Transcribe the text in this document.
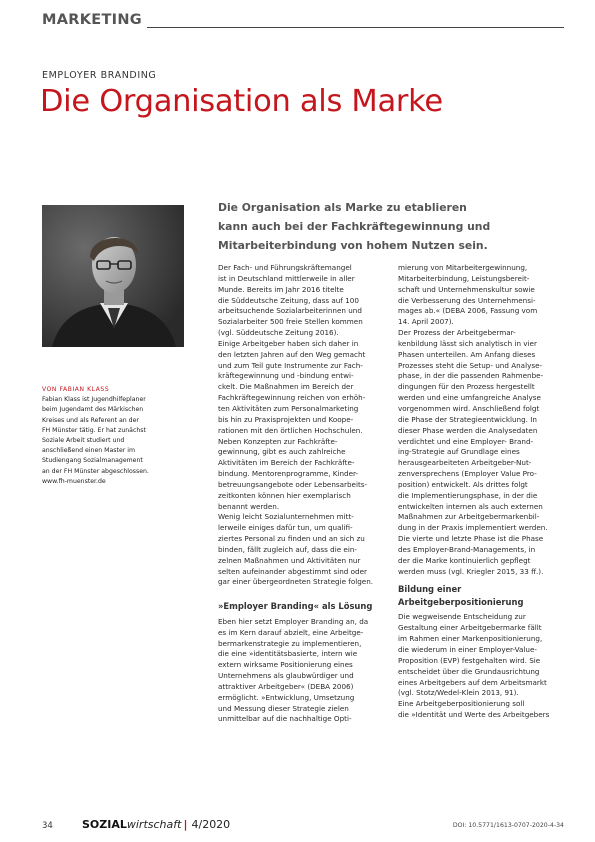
MARKETING
EMPLOYER BRANDING
Die Organisation als Marke
Die Organisation als Marke zu etablieren
kann auch bei der Fachkräftegewinnung und
Mitarbeiterbindung von hohem Nutzen sein.
VON FABIAN KLASS
Fabian Klass ist Jugendhilfeplaner
beim Jugendamt des Märkischen
Kreises und als Referent an der
FH Münster tätig. Er hat zunächst
Soziale Arbeit studiert und
anschließend einen Master im
Studiengang Sozialmanagement
an der FH Münster abgeschlossen.
www.fh-muenster.de
Der Fach- und Führungskräftemangel
ist in Deutschland mittlerweile in aller
Munde. Bereits im Jahr 2016 titelte
die Süddeutsche Zeitung, dass auf 100
arbeitsuchende Sozialarbeiterinnen und
Sozialarbeiter 500 freie Stellen kommen
(vgl. Süddeutsche Zeitung 2016).
Einige Arbeitgeber haben sich daher in
den letzten Jahren auf den Weg gemacht
und zum Teil gute Instrumente zur Fach-
kräftegewinnung und -bindung entwi-
ckelt. Die Maßnahmen im Bereich der
Fachkräftegewinnung reichen von erhöh-
ten Aktivitäten zum Personalmarketing
bis hin zu Praxisprojekten und Koope-
rationen mit den örtlichen Hochschulen.
Neben Konzepten zur Fachkräfte-
gewinnung, gibt es auch zahlreiche
Aktivitäten im Bereich der Fachkräfte-
bindung. Mentorenprogramme, Kinder-
betreuungsangebote oder Lebensarbeits-
zeitkonten können hier exemplarisch
benannt werden.
Wenig leicht Sozialunternehmen mitt-
lerweile einiges dafür tun, um qualifi-
ziertes Personal zu finden und an sich zu
binden, fällt zugleich auf, dass die ein-
zelnen Maßnahmen und Aktivitäten nur
selten aufeinander abgestimmt sind oder
gar einer übergeordneten Strategie folgen.
»Employer Branding« als Lösung
Eben hier setzt Employer Branding an, da
es im Kern darauf abzielt, eine Arbeitge-
bermarkenstrategie zu implementieren,
die eine »identitätsbasierte, intern wie
extern wirksame Positionierung eines
Unternehmens als glaubwürdiger und
attraktiver Arbeitgeber« (DEBA 2006)
ermöglicht. »Entwicklung, Umsetzung
und Messung dieser Strategie zielen
unmittelbar auf die nachhaltige Opti-
mierung von Mitarbeitergewinnung,
Mitarbeiterbindung, Leistungsbereit-
schaft und Unternehmenskultur sowie
die Verbesserung des Unternehmensi-
mages ab.« (DEBA 2006, Fassung vom
14. April 2007).
Der Prozess der Arbeitgebermar-
kenbildung lässt sich analytisch in vier
Phasen unterteilen. Am Anfang dieses
Prozesses steht die Setup- und Analyse-
phase, in der die passenden Rahmenbe-
dingungen für den Prozess hergestellt
werden und eine umfangreiche Analyse
vorgenommen wird. Anschließend folgt
die Phase der Strategieentwicklung. In
dieser Phase werden die Analysedaten
verdichtet und eine Employer- Brand-
ing-Strategie auf Grundlage eines
herausgearbeiteten Arbeitgeber-Nut-
zenversprechens (Employer Value Pro-
position) entwickelt. Als drittes folgt
die Implementierungsphase, in der die
entwickelten internen als auch externen
Maßnahmen zur Arbeitgebermarkenbil-
dung in der Praxis implementiert werden.
Die vierte und letzte Phase ist die Phase
des Employer-Brand-Managements, in
der die Marke kontinuierlich gepflegt
werden muss (vgl. Kriegler 2015, 33 ff.).
Bildung einer
Arbeitgeberpositionierung
Die wegweisende Entscheidung zur
Gestaltung einer Arbeitgebermarke fällt
im Rahmen einer Markenpositionierung,
die wiederum in einer Employer-Value-
Proposition (EVP) festgehalten wird. Sie
entscheidet über die Grundausrichtung
eines Arbeitgebers auf dem Arbeitsmarkt
(vgl. Stotz/Wedel-Klein 2013, 91).
Eine Arbeitgeberpositionierung soll
die »Identität und Werte des Arbeitgebers
34	SOZIALwirtschaft | 4/2020	DOI: 10.5771/1613-0707-2020-4-34
